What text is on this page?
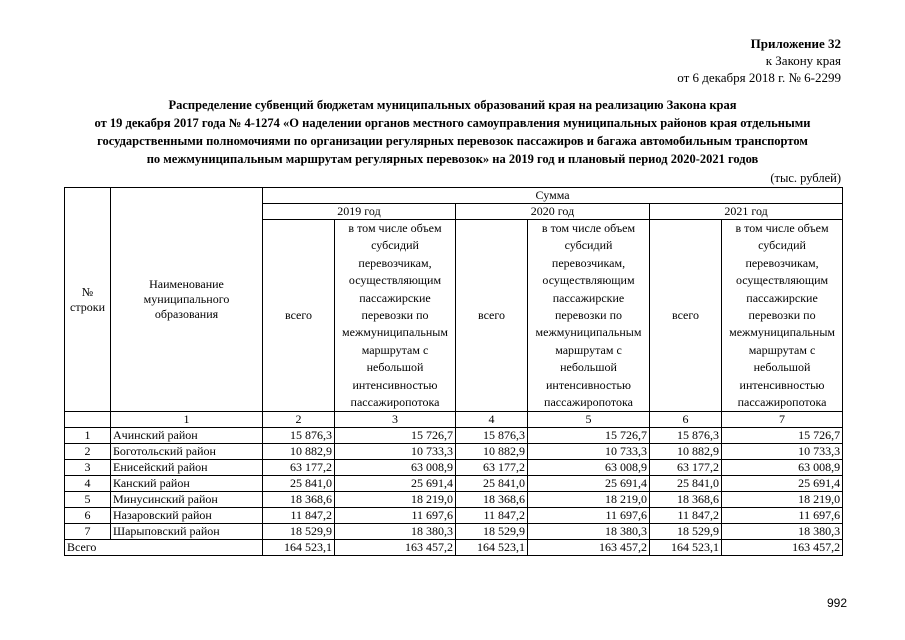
Приложение 32
к Закону края
от 6 декабря 2018 г. № 6-2299
Распределение субвенций бюджетам муниципальных образований края на реализацию Закона края
от 19 декабря 2017 года № 4-1274 «О наделении органов местного самоуправления муниципальных районов края отдельными
государственными полномочиями по организации регулярных перевозок пассажиров и багажа автомобильным транспортом
по межмуниципальным маршрутам регулярных перевозок» на 2019 год и плановый период 2020-2021 годов
(тыс. рублей)
№ строки	Наименование муниципального образования	Сумма					
		2019 год		2020 год		2021 год	
		всего	в том числе объем субсидий перевозчикам, осуществляющим пассажирские перевозки по межмуниципальным маршрутам с небольшой интенсивностью пассажиропотока	всего	в том числе объем субсидий перевозчикам, осуществляющим пассажирские перевозки по межмуниципальным маршрутам с небольшой интенсивностью пассажиропотока	всего	в том числе объем субсидий перевозчикам, осуществляющим пассажирские перевозки по межмуниципальным маршрутам с небольшой интенсивностью пассажиропотока
	1	2	3	4	5	6	7
1	Ачинский район	15 876,3	15 726,7	15 876,3	15 726,7	15 876,3	15 726,7
2	Боготольский район	10 882,9	10 733,3	10 882,9	10 733,3	10 882,9	10 733,3
3	Енисейский район	63 177,2	63 008,9	63 177,2	63 008,9	63 177,2	63 008,9
4	Канский район	25 841,0	25 691,4	25 841,0	25 691,4	25 841,0	25 691,4
5	Минусинский район	18 368,6	18 219,0	18 368,6	18 219,0	18 368,6	18 219,0
6	Назаровский район	11 847,2	11 697,6	11 847,2	11 697,6	11 847,2	11 697,6
7	Шарыповский район	18 529,9	18 380,3	18 529,9	18 380,3	18 529,9	18 380,3
Всего		164 523,1	163 457,2	164 523,1	163 457,2	164 523,1	163 457,2
992
